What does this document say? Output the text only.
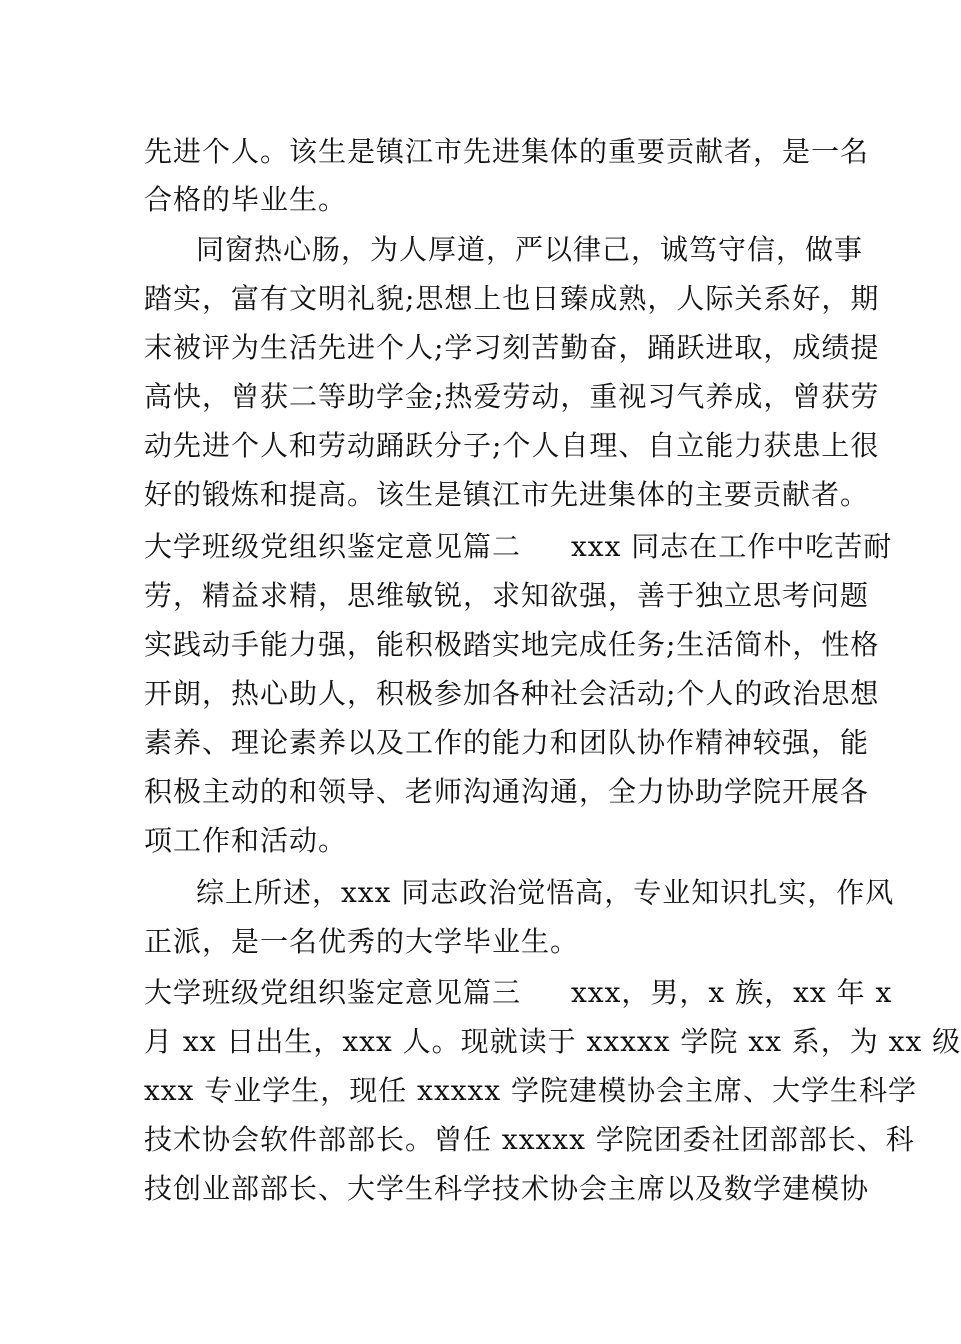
先进个人。该生是镇江市先进集体的重要贡献者，是一名
合格的毕业生。
同窗热心肠，为人厚道，严以律己，诚笃守信，做事
踏实，富有文明礼貌;思想上也日臻成熟，人际关系好，期
末被评为生活先进个人;学习刻苦勤奋，踊跃进取，成绩提
高快，曾获二等助学金;热爱劳动，重视习气养成，曾获劳
动先进个人和劳动踊跃分子;个人自理、自立能力获患上很
好的锻炼和提高。该生是镇江市先进集体的主要贡献者。
大学班级党组织鉴定意见篇二 xxx 同志在工作中吃苦耐
劳，精益求精，思维敏锐，求知欲强，善于独立思考问题
实践动手能力强，能积极踏实地完成任务;生活简朴，性格
开朗，热心助人，积极参加各种社会活动;个人的政治思想
素养、理论素养以及工作的能力和团队协作精神较强，能
积极主动的和领导、老师沟通沟通，全力协助学院开展各
项工作和活动。
综上所述，xxx 同志政治觉悟高，专业知识扎实，作风
正派，是一名优秀的大学毕业生。
大学班级党组织鉴定意见篇三 xxx，男，x 族，xx 年 x
月 xx 日出生，xxx 人。现就读于 xxxxx 学院 xx 系，为 xx 级
xxx 专业学生，现任 xxxxx 学院建模协会主席、大学生科学
技术协会软件部部长。曾任 xxxxx 学院团委社团部部长、科
技创业部部长、大学生科学技术协会主席以及数学建模协
